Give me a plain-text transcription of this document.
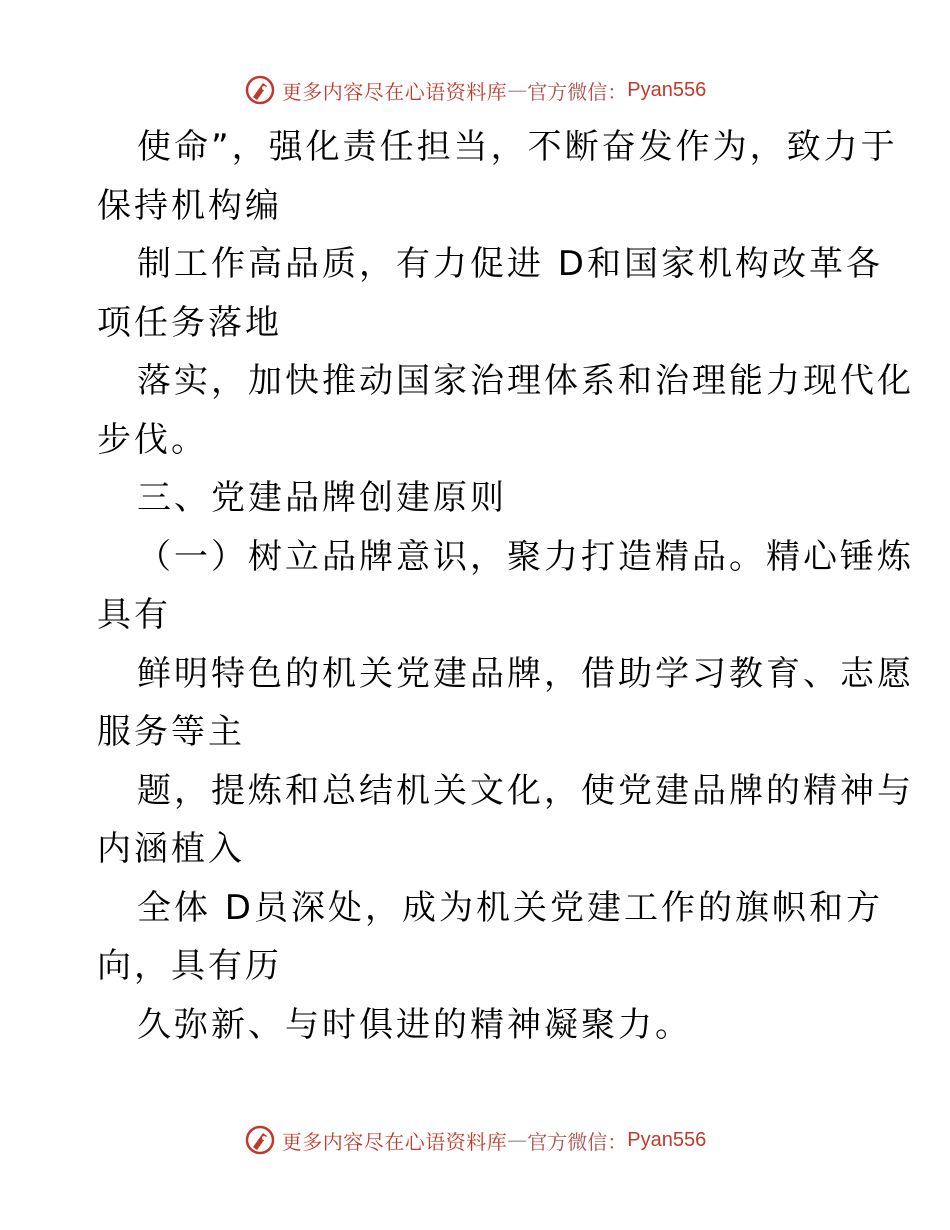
更多内容尽在心语资料库 — 官方微信： Pyan556
使命”，强化责任担当，不断奋发作为，致力于
保持机构编
制工作高品质，有力促进 D和国家机构改革各
项任务落地
落实，加快推动国家治理体系和治理能力现代化
步伐。
三、党建品牌创建原则
（一）树立品牌意识，聚力打造精品。精心锤炼
具有
鲜明特色的机关党建品牌，借助学习教育、志愿
服务等主
题，提炼和总结机关文化，使党建品牌的精神与
内涵植入
全体 D员深处，成为机关党建工作的旗帜和方
向，具有历
久弥新、与时俱进的精神凝聚力。
更多内容尽在心语资料库 — 官方微信： Pyan556
